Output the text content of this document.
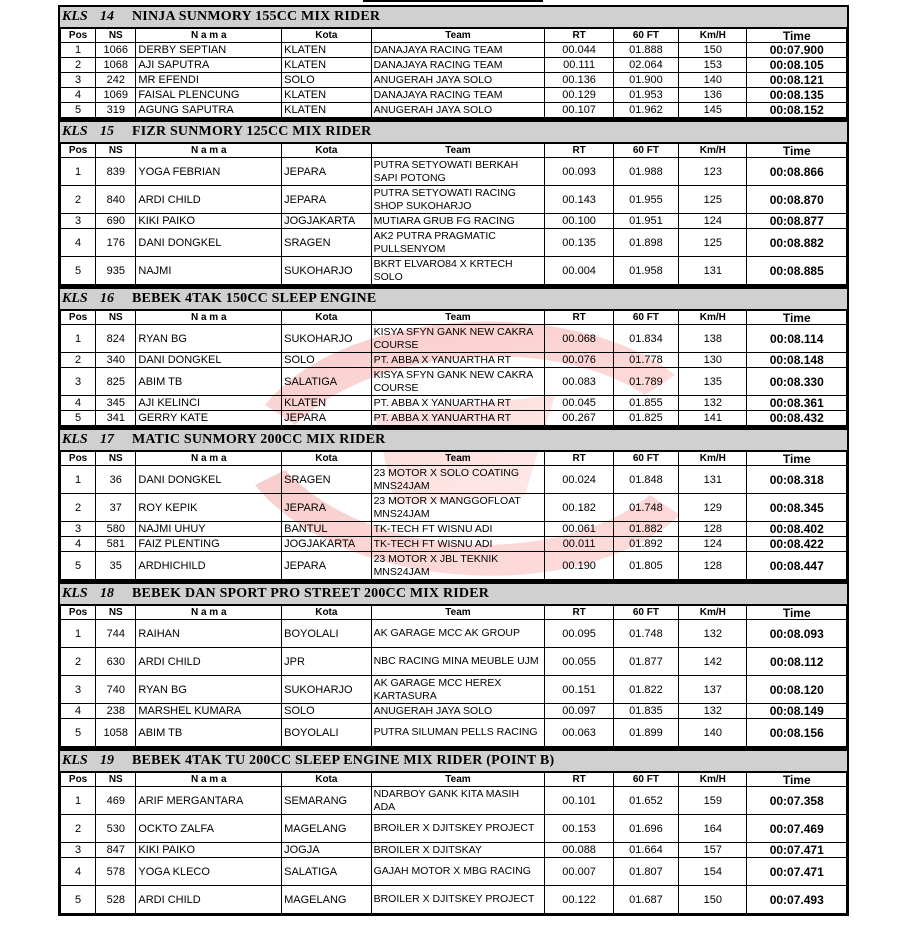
KLS 14	NINJA SUNMORY 155CC MIX RIDER
Pos	NS	N a m a	Kota	Team	RT	60 FT	Km/H	Time
1	1066	DERBY SEPTIAN	KLATEN	DANAJAYA RACING TEAM	00.044	01.888	150	00:07.900
2	1068	AJI SAPUTRA	KLATEN	DANAJAYA RACING TEAM	00.111	02.064	153	00:08.105
3	242	MR EFENDI	SOLO	ANUGERAH JAYA SOLO	00.136	01.900	140	00:08.121
4	1069	FAISAL PLENCUNG	KLATEN	DANAJAYA RACING TEAM	00.129	01.953	136	00:08.135
5	319	AGUNG SAPUTRA	KLATEN	ANUGERAH JAYA SOLO	00.107	01.962	145	00:08.152
KLS 15	FIZR SUNMORY 125CC MIX RIDER
Pos	NS	N a m a	Kota	Team	RT	60 FT	Km/H	Time
1	839	YOGA FEBRIAN	JEPARA	PUTRA SETYOWATI BERKAH SAPI POTONG	00.093	01.988	123	00:08.866
2	840	ARDI CHILD	JEPARA	PUTRA SETYOWATI RACING SHOP SUKOHARJO	00.143	01.955	125	00:08.870
3	690	KIKI PAIKO	JOGJAKARTA	MUTIARA GRUB FG RACING	00.100	01.951	124	00:08.877
4	176	DANI DONGKEL	SRAGEN	AK2 PUTRA PRAGMATIC PULLSENYOM	00.135	01.898	125	00:08.882
5	935	NAJMI	SUKOHARJO	BKRT ELVARO84 X KRTECH SOLO	00.004	01.958	131	00:08.885
KLS 16	BEBEK 4TAK 150CC SLEEP ENGINE
Pos	NS	N a m a	Kota	Team	RT	60 FT	Km/H	Time
1	824	RYAN BG	SUKOHARJO	KISYA SFYN GANK NEW CAKRA COURSE	00.068	01.834	138	00:08.114
2	340	DANI DONGKEL	SOLO	PT. ABBA X YANUARTHA RT	00.076	01.778	130	00:08.148
3	825	ABIM TB	SALATIGA	KISYA SFYN GANK NEW CAKRA COURSE	00.083	01.789	135	00:08.330
4	345	AJI KELINCI	KLATEN	PT. ABBA X YANUARTHA RT	00.045	01.855	132	00:08.361
5	341	GERRY KATE	JEPARA	PT. ABBA X YANUARTHA RT	00.267	01.825	141	00:08.432
KLS 17	MATIC SUNMORY 200CC MIX RIDER
Pos	NS	N a m a	Kota	Team	RT	60 FT	Km/H	Time
1	36	DANI DONGKEL	SRAGEN	23 MOTOR X SOLO COATING MNS24JAM	00.024	01.848	131	00:08.318
2	37	ROY KEPIK	JEPARA	23 MOTOR X MANGGOFLOAT MNS24JAM	00.182	01.748	129	00:08.345
3	580	NAJMI UHUY	BANTUL	TK-TECH FT WISNU ADI	00.061	01.882	128	00:08.402
4	581	FAIZ PLENTING	JOGJAKARTA	TK-TECH FT WISNU ADI	00.011	01.892	124	00:08.422
5	35	ARDHICHILD	JEPARA	23 MOTOR X JBL TEKNIK MNS24JAM	00.190	01.805	128	00:08.447
KLS 18	BEBEK DAN SPORT PRO STREET 200CC MIX RIDER
Pos	NS	N a m a	Kota	Team	RT	60 FT	Km/H	Time
1	744	RAIHAN	BOYOLALI	AK GARAGE MCC AK GROUP	00.095	01.748	132	00:08.093
2	630	ARDI CHILD	JPR	NBC RACING MINA MEUBLE UJM	00.055	01.877	142	00:08.112
3	740	RYAN BG	SUKOHARJO	AK GARAGE MCC HEREX KARTASURA	00.151	01.822	137	00:08.120
4	238	MARSHEL KUMARA	SOLO	ANUGERAH JAYA SOLO	00.097	01.835	132	00:08.149
5	1058	ABIM TB	BOYOLALI	PUTRA SILUMAN PELLS RACING	00.063	01.899	140	00:08.156
KLS 19	BEBEK 4TAK TU 200CC SLEEP ENGINE MIX RIDER (POINT B)
Pos	NS	N a m a	Kota	Team	RT	60 FT	Km/H	Time
1	469	ARIF MERGANTARA	SEMARANG	NDARBOY GANK KITA MASIH ADA	00.101	01.652	159	00:07.358
2	530	OCKTO ZALFA	MAGELANG	BROILER X DJITSKEY PROJECT	00.153	01.696	164	00:07.469
3	847	KIKI PAIKO	JOGJA	BROILER X DJITSKAY	00.088	01.664	157	00:07.471
4	578	YOGA KLECO	SALATIGA	GAJAH MOTOR X MBG RACING	00.007	01.807	154	00:07.471
5	528	ARDI CHILD	MAGELANG	BROILER X DJITSKEY PROJECT	00.122	01.687	150	00:07.493
